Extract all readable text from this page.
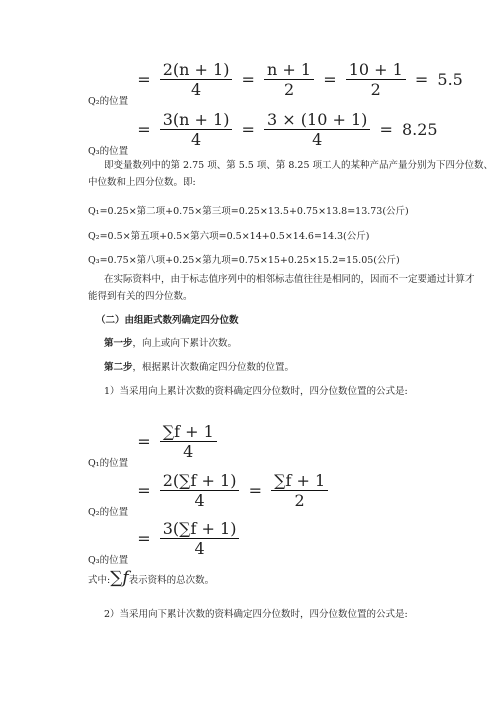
$_{Q_2的位置} = \frac{2(n + 1)}{4} = \frac{n + 1}{2} = \frac{10 + 1}{2} = 5.5$
$_{Q_3的位置} = \frac{3(n + 1)}{4} = \frac{3 \times (10 + 1)}{4} = 8.25$
即变量数列中的第 2.75 项、第 5.5 项、第 8.25 项工人的某种产品产量分别为下四分位数、
中位数和上四分位数。即:
Q₁=0.25×第二项+0.75×第三项=0.25×13.5+0.75×13.8=13.73(公斤)
Q₂=0.5×第五项+0.5×第六项=0.5×14+0.5×14.6=14.3(公斤)
Q₃=0.75×第八项+0.25×第九项=0.75×15+0.25×15.2=15.05(公斤)
在实际资料中，由于标志值序列中的相邻标志值往往是相同的，因而不一定要通过计算才
能得到有关的四分位数。
（二）由组距式数列确定四分位数
第一步，向上或向下累计次数。
第二步，根据累计次数确定四分位数的位置。
1）当采用向上累计次数的资料确定四分位数时，四分位数位置的公式是:
$_{Q_1的位置} = \frac{\sum f + 1}{4}$
$_{Q_2的位置} = \frac{2(\sum f + 1)}{4} = \frac{\sum f + 1}{2}$
$_{Q_3的位置} = \frac{3(\sum f + 1)}{4}$
式中:∑f表示资料的总次数。
2）当采用向下累计次数的资料确定四分位数时，四分位数位置的公式是:
